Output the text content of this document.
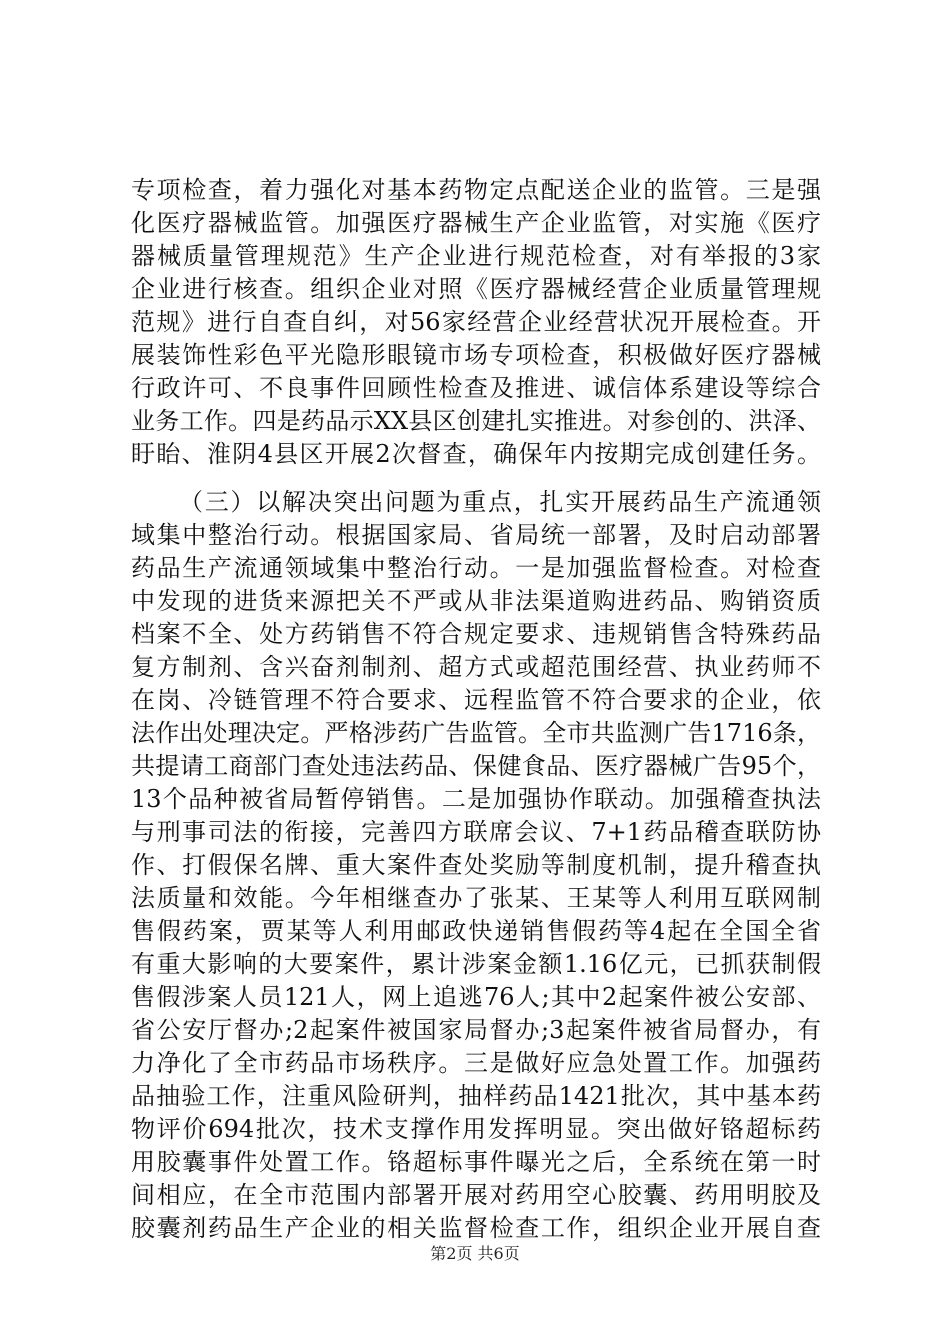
专项检查，着力强化对基本药物定点配送企业的监管。三是强
化医疗器械监管。加强医疗器械生产企业监管，对实施《医疗
器械质量管理规范》生产企业进行规范检查，对有举报的3家
企业进行核查。组织企业对照《医疗器械经营企业质量管理规
范规》进行自查自纠，对56家经营企业经营状况开展检查。开
展装饰性彩色平光隐形眼镜市场专项检查，积极做好医疗器械
行政许可、不良事件回顾性检查及推进、诚信体系建设等综合
业务工作。四是药品示XX县区创建扎实推进。对参创的、洪泽、
盱眙、淮阴4县区开展2次督查，确保年内按期完成创建任务。
（三）以解决突出问题为重点，扎实开展药品生产流通领
域集中整治行动。根据国家局、省局统一部署，及时启动部署
药品生产流通领域集中整治行动。一是加强监督检查。对检查
中发现的进货来源把关不严或从非法渠道购进药品、购销资质
档案不全、处方药销售不符合规定要求、违规销售含特殊药品
复方制剂、含兴奋剂制剂、超方式或超范围经营、执业药师不
在岗、冷链管理不符合要求、远程监管不符合要求的企业，依
法作出处理决定。严格涉药广告监管。全市共监测广告1716条，
共提请工商部门查处违法药品、保健食品、医疗器械广告95个，
13个品种被省局暂停销售。二是加强协作联动。加强稽查执法
与刑事司法的衔接，完善四方联席会议、7+1药品稽查联防协
作、打假保名牌、重大案件查处奖励等制度机制，提升稽查执
法质量和效能。今年相继查办了张某、王某等人利用互联网制
售假药案，贾某等人利用邮政快递销售假药等4起在全国全省
有重大影响的大要案件，累计涉案金额1.16亿元，已抓获制假
售假涉案人员121人，网上追逃76人;其中2起案件被公安部、
省公安厅督办;2起案件被国家局督办;3起案件被省局督办，有
力净化了全市药品市场秩序。三是做好应急处置工作。加强药
品抽验工作，注重风险研判，抽样药品1421批次，其中基本药
物评价694批次，技术支撑作用发挥明显。突出做好铬超标药
用胶囊事件处置工作。铬超标事件曝光之后，全系统在第一时
间相应，在全市范围内部署开展对药用空心胶囊、药用明胶及
胶囊剂药品生产企业的相关监督检查工作，组织企业开展自查
第2页 共6页
